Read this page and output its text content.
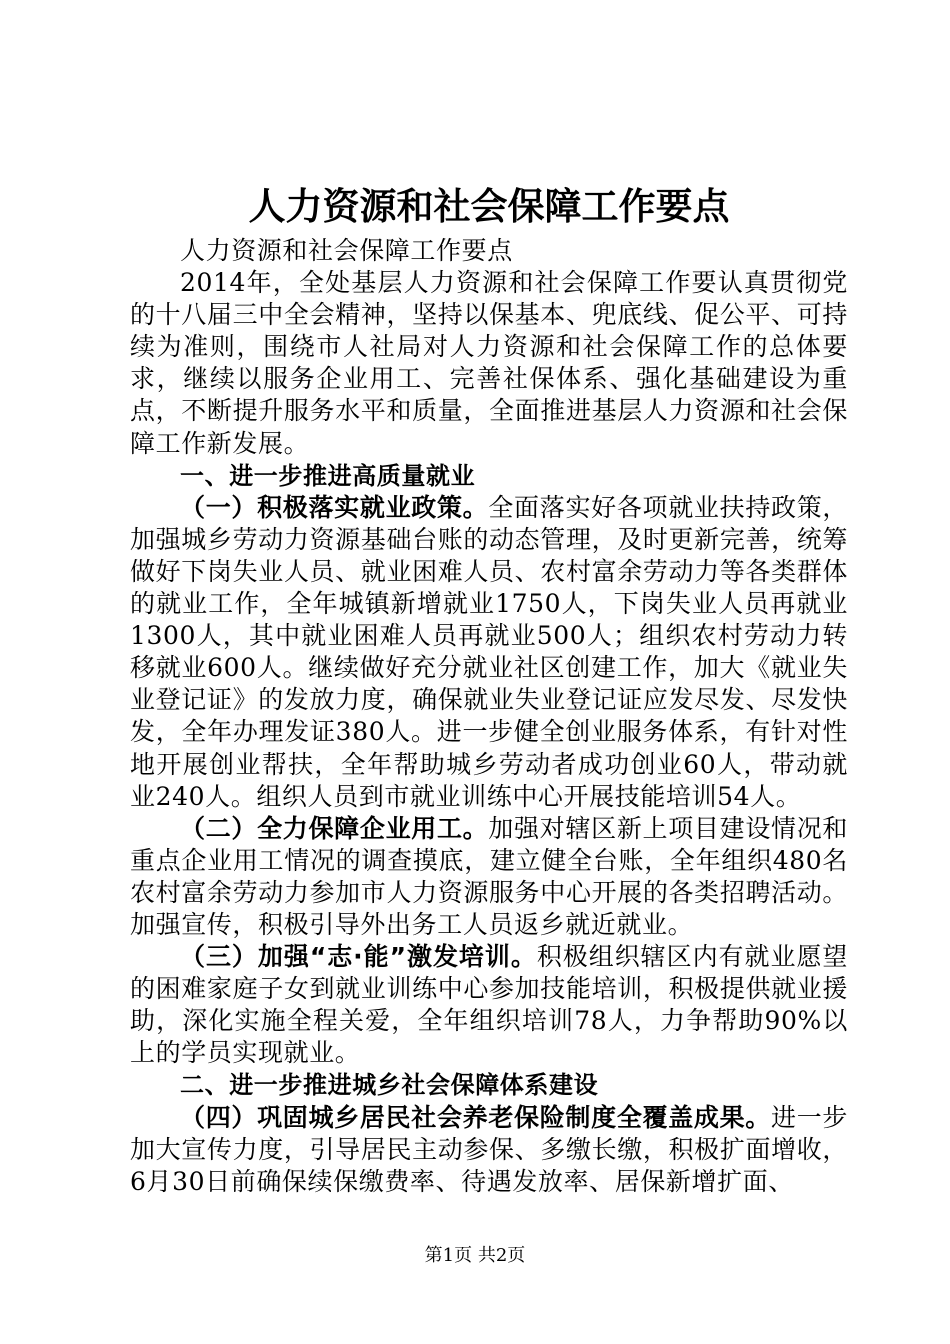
人力资源和社会保障工作要点

人力资源和社会保障工作要点

2014年，全处基层人力资源和社会保障工作要认真贯彻党的十八届三中全会精神，坚持以保基本、兜底线、促公平、可持续为准则，围绕市人社局对人力资源和社会保障工作的总体要求，继续以服务企业用工、完善社保体系、强化基础建设为重点，不断提升服务水平和质量，全面推进基层人力资源和社会保障工作新发展。

一、进一步推进高质量就业

（一）积极落实就业政策。全面落实好各项就业扶持政策，加强城乡劳动力资源基础台账的动态管理，及时更新完善，统筹做好下岗失业人员、就业困难人员、农村富余劳动力等各类群体的就业工作，全年城镇新增就业1750人，下岗失业人员再就业1300人，其中就业困难人员再就业500人；组织农村劳动力转移就业600人。继续做好充分就业社区创建工作，加大《就业失业登记证》的发放力度，确保就业失业登记证应发尽发、尽发快发，全年办理发证380人。进一步健全创业服务体系，有针对性地开展创业帮扶，全年帮助城乡劳动者成功创业60人，带动就业240人。组织人员到市就业训练中心开展技能培训54人。

（二）全力保障企业用工。加强对辖区新上项目建设情况和重点企业用工情况的调查摸底，建立健全台账，全年组织480名农村富余劳动力参加市人力资源服务中心开展的各类招聘活动。加强宣传，积极引导外出务工人员返乡就近就业。

（三）加强“志·能”激发培训。积极组织辖区内有就业愿望的困难家庭子女到就业训练中心参加技能培训，积极提供就业援助，深化实施全程关爱，全年组织培训78人，力争帮助90%以上的学员实现就业。

二、进一步推进城乡社会保障体系建设

（四）巩固城乡居民社会养老保险制度全覆盖成果。进一步加大宣传力度，引导居民主动参保、多缴长缴，积极扩面增收，6月30日前确保续保缴费率、待遇发放率、居保新增扩面、

第1页 共2页
